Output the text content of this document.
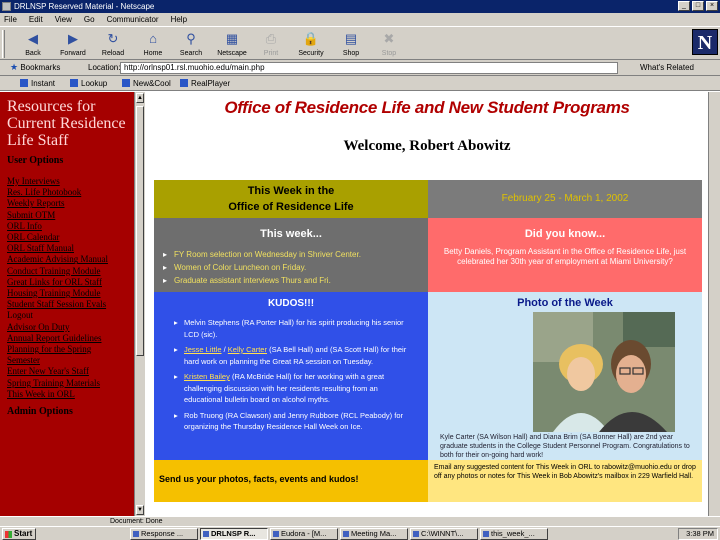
DRLNSP Reserved Material - Netscape	_	□	×
File Edit View Go Communicator Help
◀
Back
▶
Forward
↻
Reload
⌂
Home
⚲
Search
▦
Netscape
⎙
Print
🔒
Security
▤
Shop
✖
Stop	N
★ Bookmarks	Location: http://orlnsp01.rsl.muohio.edu/main.php	What's Related
Instant	Lookup	New&Cool	RealPlayer
Resources for Current Residence Life Staff
User Options
My Interviews
Res. Life Photobook
Weekly Reports
Submit OTM
ORL Info
ORL Calendar
ORL Staff Manual
Academic Advising Manual
Conduct Training Module
Great Links for ORL Staff
Housing Training Module
Student Staff Session Evals
Logout
Advisor On Duty
Annual Report Guidelines
Planning for the Spring
Semester
Enter New Year's Staff
Spring Training Materials
This Week in ORL
Admin Options
▲
▼
Office of Residence Life and New Student Programs
Welcome, Robert Abowitz
This Week in the
Office of Residence Life
February 25 - March 1, 2002
This week...
▸ FY Room selection on Wednesday in Shriver Center.
▸ Women of Color Luncheon on Friday.
▸ Graduate assistant interviews Thurs and Fri.
Did you know...
Betty Daniels, Program Assistant in the Office of Residence Life, just celebrated her 30th year of employment at Miami University?
KUDOS!!!
▸ Melvin Stephens (RA Porter Hall) for his spirit producing his senior LCD (sic).
▸ Jesse Little / Kelly Carter (SA Bell Hall) and (SA Scott Hall) for their hard work on planning the Great RA session on Tuesday.
▸ Kristen Bailey (RA McBride Hall) for her working with a great challenging discussion with her residents resulting from an educational bulletin board on alcohol myths.
▸ Rob Truong (RA Clawson) and Jenny Rubbore (RCL Peabody) for organizing the Thursday Residence Hall Week on Ice.
Photo of the Week
Kyle Carter (SA Wilson Hall) and Diana Brim (SA Bonner Hall) are 2nd year graduate students in the College Student Personnel Program. Congratulations to both for their on-going hard work!
Send us your photos, facts, events and kudos!
Email any suggested content for This Week in ORL to rabowitz@muohio.edu or drop off any photos or notes for This Week in Bob Abowitz's mailbox in 229 Warfield Hall.
Document: Done
Start	Response ...	DRLNSP R...	Eudora - [M...	Meeting Ma...	C:\WINNT\...	this_week_...	3:38 PM
